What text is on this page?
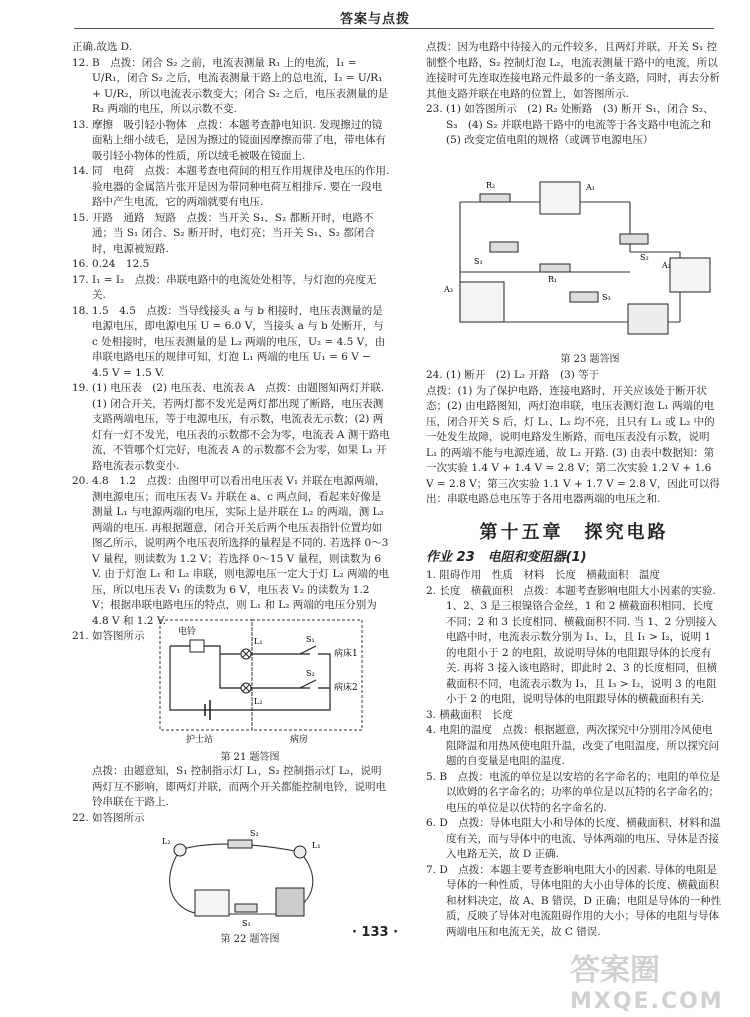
答案与点拨

正确.故选 D.

12. B　点拨：闭合 S₂ 之前，电流表测量 R₁ 上的电流，I₁ = U/R₁，闭合 S₂ 之后，电流表测量干路上的总电流，I₂ = U/R₁ + U/R₂，所以电流表示数变大；闭合 S₂ 之后，电压表测量的是 R₂ 两端的电压，所以示数不变.

13. 摩擦　吸引轻小物体　点拨：本题考查静电知识. 发现擦过的镜面粘上细小绒毛，是因为擦过的镜面因摩擦而带了电，带电体有吸引轻小物体的性质，所以绒毛被吸在镜面上.

14. 同　电荷　点拨：本题考查电荷间的相互作用规律及电压的作用. 验电器的金属箔片张开是因为带同种电荷互相排斥. 要在一段电路中产生电流，它的两端就要有电压.

15. 开路　通路　短路　点拨：当开关 S₁、S₂ 都断开时，电路不通；当 S₁ 闭合、S₂ 断开时，电灯亮；当开关 S₁、S₂ 都闭合时，电源被短路.

16. 0.24　12.5

17. I₁ = I₂　点拨：串联电路中的电流处处相等，与灯泡的亮度无关.

18. 1.5　4.5　点拨：当导线接头 a 与 b 相接时，电压表测量的是电源电压，即电源电压 U = 6.0 V，当接头 a 与 b 处断开，与 c 处相接时，电压表测量的是 L₂ 两端的电压，U₂ = 4.5 V，由串联电路电压的规律可知，灯泡 L₁ 两端的电压 U₁ = 6 V − 4.5 V = 1.5 V.

19. (1) 电压表　(2) 电压表、电流表 A　点拨：由题图知两灯并联. (1) 闭合开关，若两灯都不发光是两灯都出现了断路，电压表测支路两端电压，等于电源电压，有示数，电流表无示数；(2) 两灯有一灯不发光，电压表的示数都不会为零，电流表 A 测干路电流，不管哪个灯完好，电流表 A 的示数都不会为零，如果 L₁ 开路电流表示数变小.

20. 4.8　1.2　点拨：由图甲可以看出电压表 V₁ 并联在电源两端，测电源电压；而电压表 V₂ 并联在 a、c 两点间，看起来好像是测量 L₁ 与电源两端的电压，实际上是并联在 L₂ 的两端，测 L₂ 两端的电压. 再根据题意，闭合开关后两个电压表指针位置均如图乙所示，说明两个电压表所选择的量程是不同的. 若选择 0～3 V 量程，则读数为 1.2 V；若选择 0～15 V 量程，则读数为 6 V. 由于灯泡 L₁ 和 L₂ 串联，则电源电压一定大于灯 L₂ 两端的电压，所以电压表 V₁ 的读数为 6 V，电压表 V₂ 的读数为 1.2 V；根据串联电路电压的特点，则 L₁ 和 L₂ 两端的电压分别为 4.8 V 和 1.2 V.

21. 如答图所示	电铃
L₁
L₂
S₁
S₂
病床1
病床2
护士站	病房
第 21 题答图

点拨：由题意知，S₁ 控制指示灯 L₁，S₂ 控制指示灯 L₂，说明两灯互不影响，即两灯并联，而两个开关都能控制电铃，说明电铃串联在干路上.

22. 如答图所示

L₂	L₁
S₂
S₁
第 22 题答图

点拨：因为电路中待接入的元件较多，且两灯并联，开关 S₁ 控制整个电路，S₂ 控制灯泡 L₂，电流表测量干路中的电流，所以连接时可先连取连接电路元件最多的一条支路，同时，再去分析其他支路并联在电路的位置上，如答图所示.

23. (1) 如答图所示　(2) R₂ 处断路　(3) 断开 S₁，闭合 S₂、S₃　(4) S₂ 并联电路干路中的电流等于各支路中电流之和　(5) 改变定值电阻的规格（或调节电源电压）

R₂
R₁
A₁
A₃
A₂
S₁	S₂
S₃
第 23 题答图

24. (1) 断开　(2) L₂ 开路　(3) 等于

点拨：(1) 为了保护电路，连接电路时，开关应该处于断开状态；(2) 由电路图知，两灯泡串联，电压表测灯泡 L₁ 两端的电压，闭合开关 S 后，灯 L₁、L₂ 均不亮，且只有 L₁ 或 L₂ 中的一处发生故障，说明电路发生断路，而电压表没有示数，说明 L₁ 的两端不能与电源连通，故 L₂ 开路. (3) 由表中数据知：第一次实验 1.4 V + 1.4 V = 2.8 V；第二次实验 1.2 V + 1.6 V = 2.8 V；第三次实验 1.1 V + 1.7 V = 2.8 V，因此可以得出：串联电路总电压等于各用电器两端的电压之和.

第十五章　探究电路
作业 23　电阻和变阻器(1)

1. 阻碍作用　性质　材料　长度　横截面积　温度

2. 长度　横截面积　点拨：本题考查影响电阻大小因素的实验. 1、2、3 是三根镍铬合金丝，1 和 2 横截面积相同、长度不同；2 和 3 长度相同、横截面积不同. 当 1、2 分别接入电路中时，电流表示数分别为 I₁、I₂，且 I₁ > I₂，说明 1 的电阻小于 2 的电阻，故说明导体的电阻跟导体的长度有关. 再将 3 接入该电路时，即此时 2、3 的长度相同，但横截面积不同，电流表示数为 I₃，且 I₃ > I₂，说明 3 的电阻小于 2 的电阻，说明导体的电阻跟导体的横截面积有关.

3. 横截面积　长度

4. 电阻的温度　点拨：根据题意，两次探究中分别用冷风使电阻降温和用热风使电阻升温，改变了电阻温度，所以探究问题的自变量是电阻的温度.

5. B　点拨：电流的单位是以安培的名字命名的；电阻的单位是以欧姆的名字命名的；功率的单位是以瓦特的名字命名的；电压的单位是以伏特的名字命名的.

6. D　点拨：导体电阻大小和导体的长度、横截面积、材料和温度有关，而与导体中的电流、导体两端的电压、导体是否接入电路无关，故 D 正确.

7. D　点拨：本题主要考查影响电阻大小的因素. 导体的电阻是导体的一种性质，导体电阻的大小由导体的长度、横截面积和材料决定，故 A、B 错误，D 正确；电阻是导体的一种性质，反映了导体对电流阻碍作用的大小；导体的电阻与导体两端电压和电流无关，故 C 错误.

· 133 ·
答案圈
MXQE.COM
